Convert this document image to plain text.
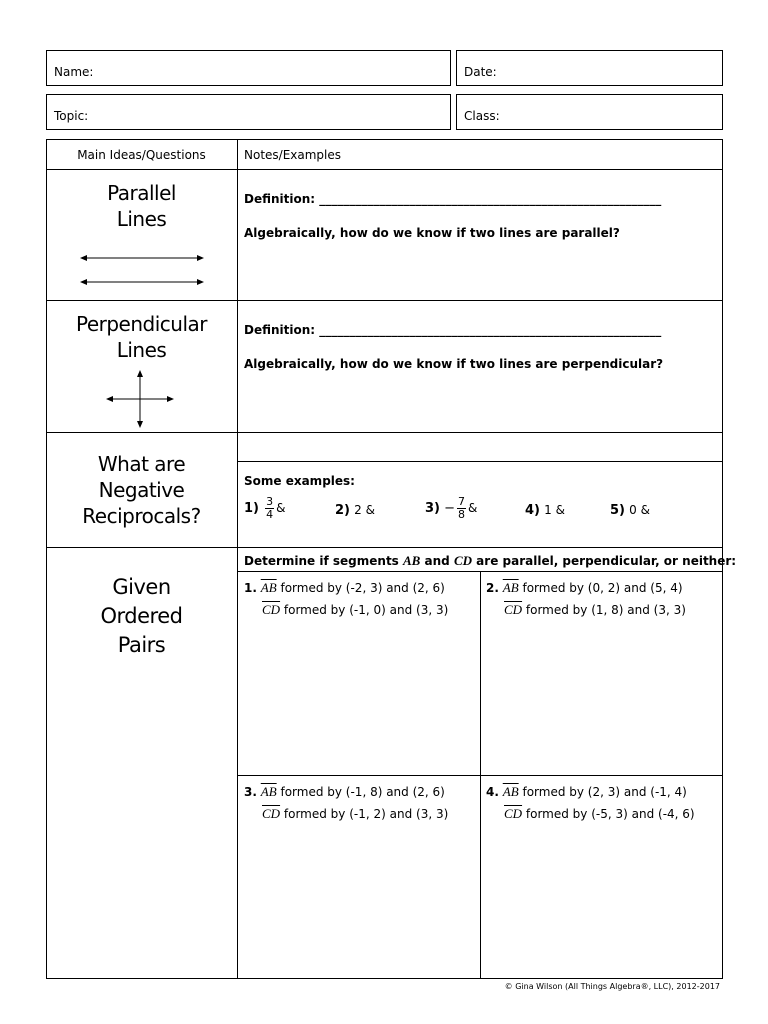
Name:	Date:
Topic:	Class:
Main Ideas/Questions	Notes/Examples
Parallel Lines
Definition: _________________________________________________________
Algebraically, how do we know if two lines are parallel?
Perpendicular Lines
Definition: _________________________________________________________
Algebraically, how do we know if two lines are perpendicular?
What are Negative Reciprocals?
Some examples:
$1) \frac{3}{4}$ &	2) 2 &	$3) - \frac{7}{8}$ &	4) 1 &	5) 0 &
Given Ordered Pairs
Determine if segments AB and CD are parallel, perpendicular, or neither:
1. $\overline{AB}$ formed by (-2, 3) and (2, 6)
$\overline{CD}$ formed by (-1, 0) and (3, 3)
2. $\overline{AB}$ formed by (0, 2) and (5, 4)
$\overline{CD}$ formed by (1, 8) and (3, 3)
3. $\overline{AB}$ formed by (-1, 8) and (2, 6)
$\overline{CD}$ formed by (-1, 2) and (3, 3)
4. $\overline{AB}$ formed by (2, 3) and (-1, 4)
$\overline{CD}$ formed by (-5, 3) and (-4, 6)
© Gina Wilson (All Things Algebra®, LLC), 2012-2017
